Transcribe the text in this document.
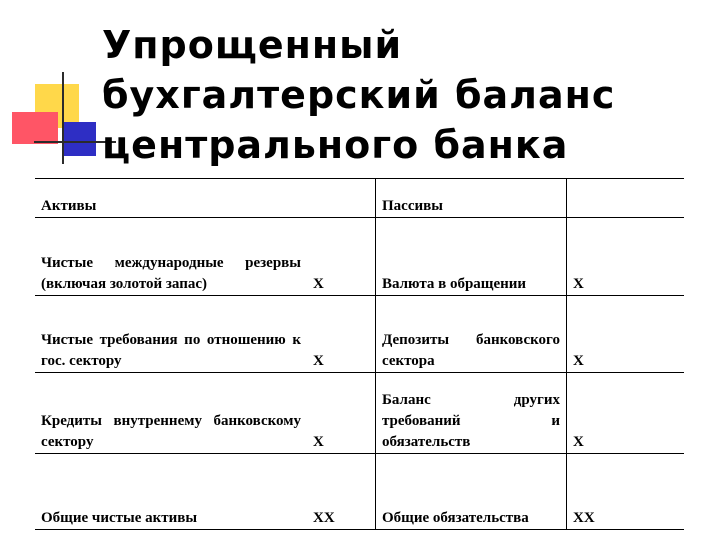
Упрощенный
бухгалтерский баланс
центрального банка
Активы		Пассивы	
Чистые международные резервы (включая золотой запас)	Х	Валюта в обращении	Х
Чистые требования по отношению к гос. сектору	Х	Депозиты банковского сектора	Х
Кредиты внутреннему банковскому сектору	Х	Баланс других требований и обязательств	Х
Общие чистые активы	ХХ	Общие обязательства	ХХ
